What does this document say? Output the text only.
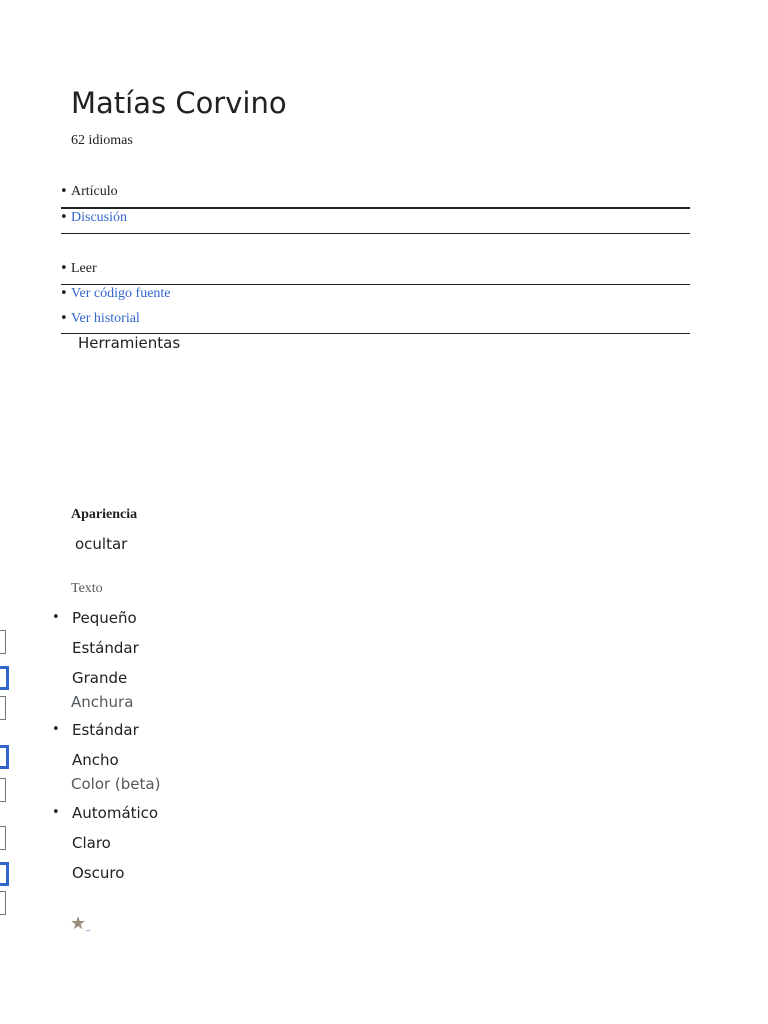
Matías Corvino
62 idiomas
• Artículo
• Discusión
• Leer
• Ver código fuente
• Ver historial
Herramientas
Apariencia
ocultar
Texto
• Pequeño
Estándar
Grande
Anchura
• Estándar
Ancho
Color (beta)
• Automático
Claro
Oscuro
★_
